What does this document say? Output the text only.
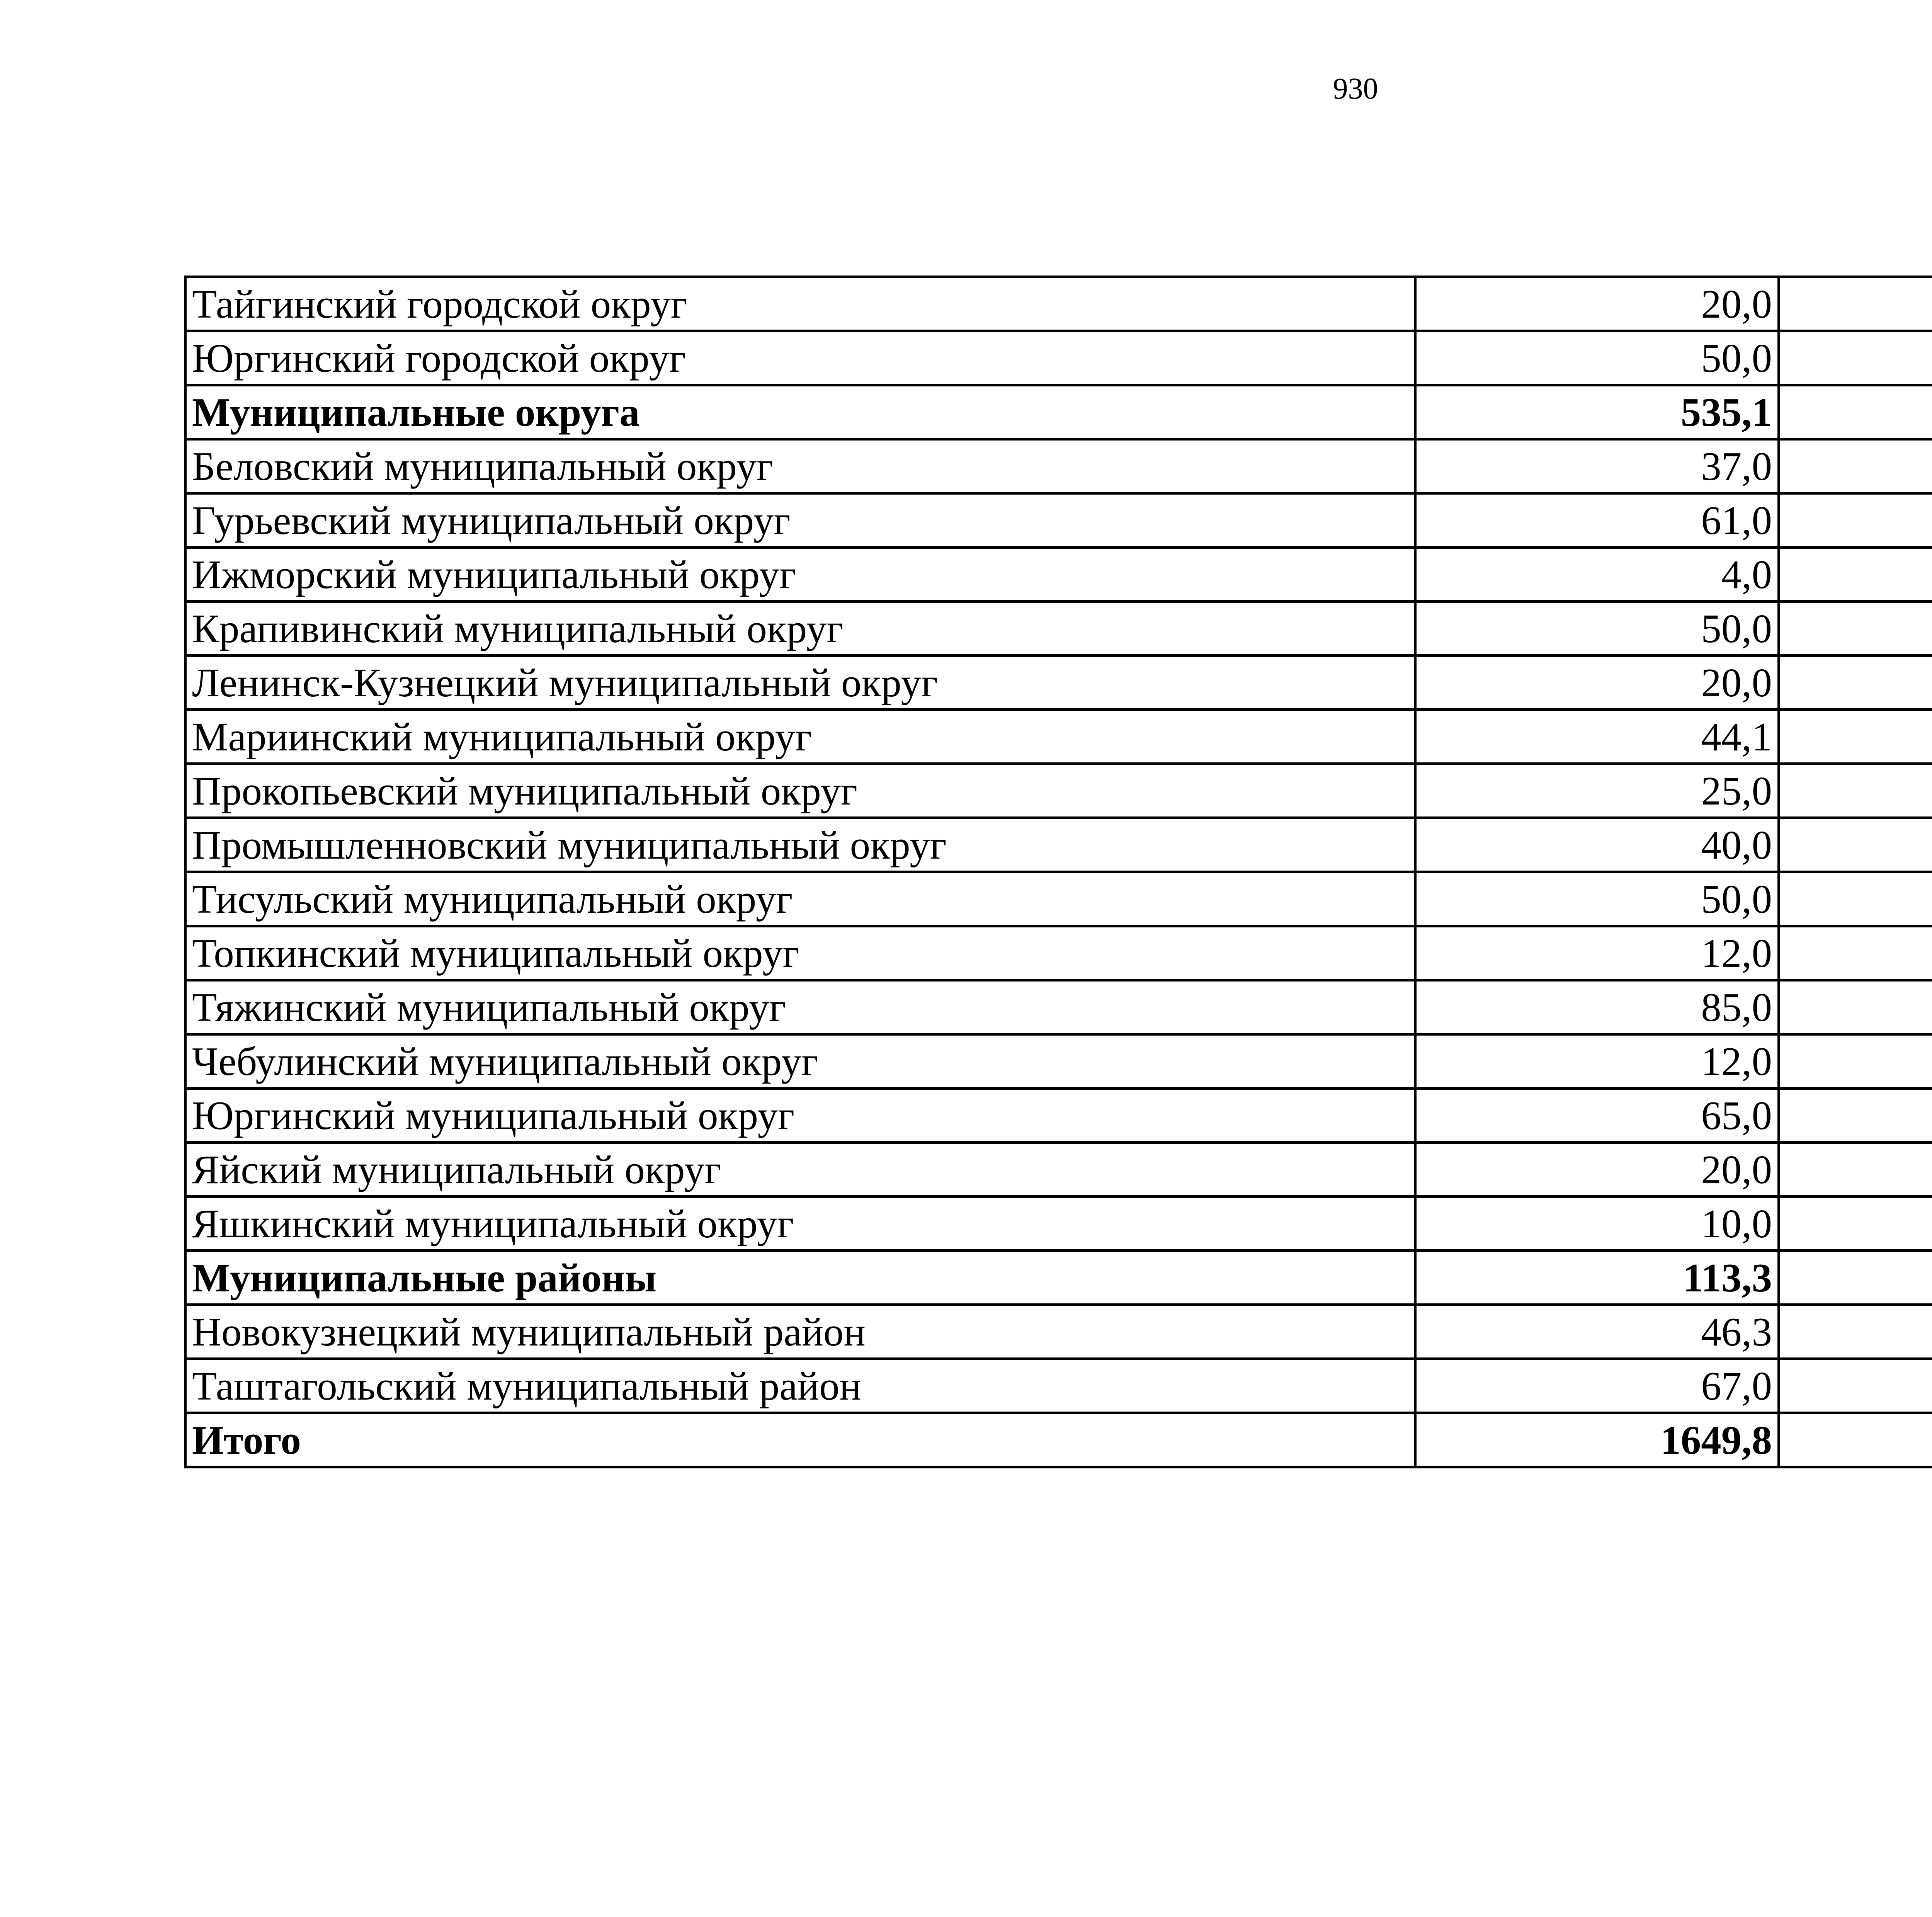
930
Тайгинский городской округ	20,0		
Юргинский городской округ	50,0		
Муниципальные округа	535,1		
Беловский муниципальный округ	37,0		
Гурьевский муниципальный округ	61,0		
Ижморский муниципальный округ	4,0		
Крапивинский муниципальный округ	50,0		
Ленинск-Кузнецкий муниципальный округ	20,0		
Мариинский муниципальный округ	44,1		
Прокопьевский муниципальный округ	25,0		
Промышленновский муниципальный округ	40,0		
Тисульский муниципальный округ	50,0		
Топкинский муниципальный округ	12,0		
Тяжинский муниципальный округ	85,0		
Чебулинский муниципальный округ	12,0		
Юргинский муниципальный округ	65,0		
Яйский муниципальный округ	20,0		
Яшкинский муниципальный округ	10,0		
Муниципальные районы	113,3		
Новокузнецкий муниципальный район	46,3		
Таштагольский муниципальный район	67,0		
Итого	1649,8		
